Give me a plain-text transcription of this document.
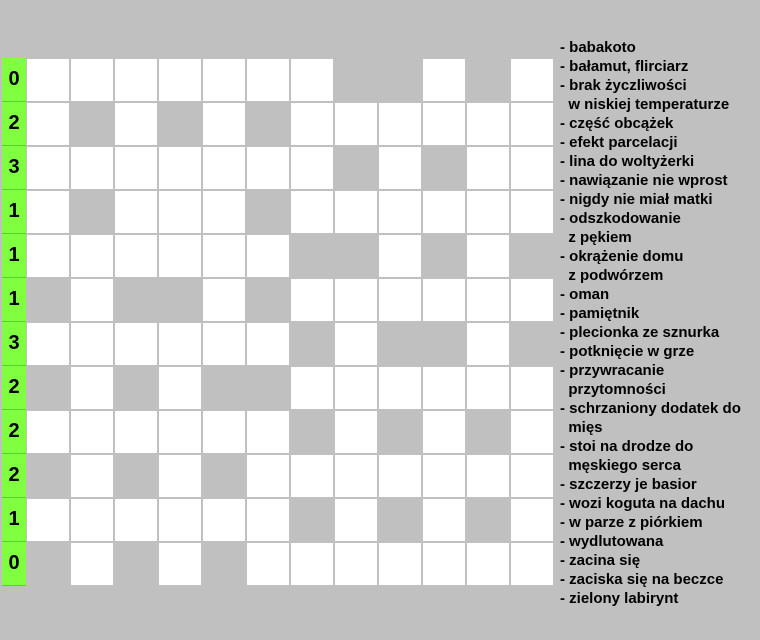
0
2
3
1
1
1
3
2
2
2
1
0
- babakoto
- bałamut, flirciarz
- brak życzliwości
w niskiej temperaturze
- część obcążek
- efekt parcelacji
- lina do woltyżerki
- nawiązanie nie wprost
- nigdy nie miał matki
- odszkodowanie
z pękiem
- okrążenie domu
z podwórzem
- oman
- pamiętnik
- plecionka ze sznurka
- potknięcie w grze
- przywracanie
przytomności
- schrzaniony dodatek do
mięs
- stoi na drodze do
męskiego serca
- szczerzy je basior
- wozi koguta na dachu
- w parze z piórkiem
- wydlutowana
- zacina się
- zaciska się na beczce
- zielony labirynt
